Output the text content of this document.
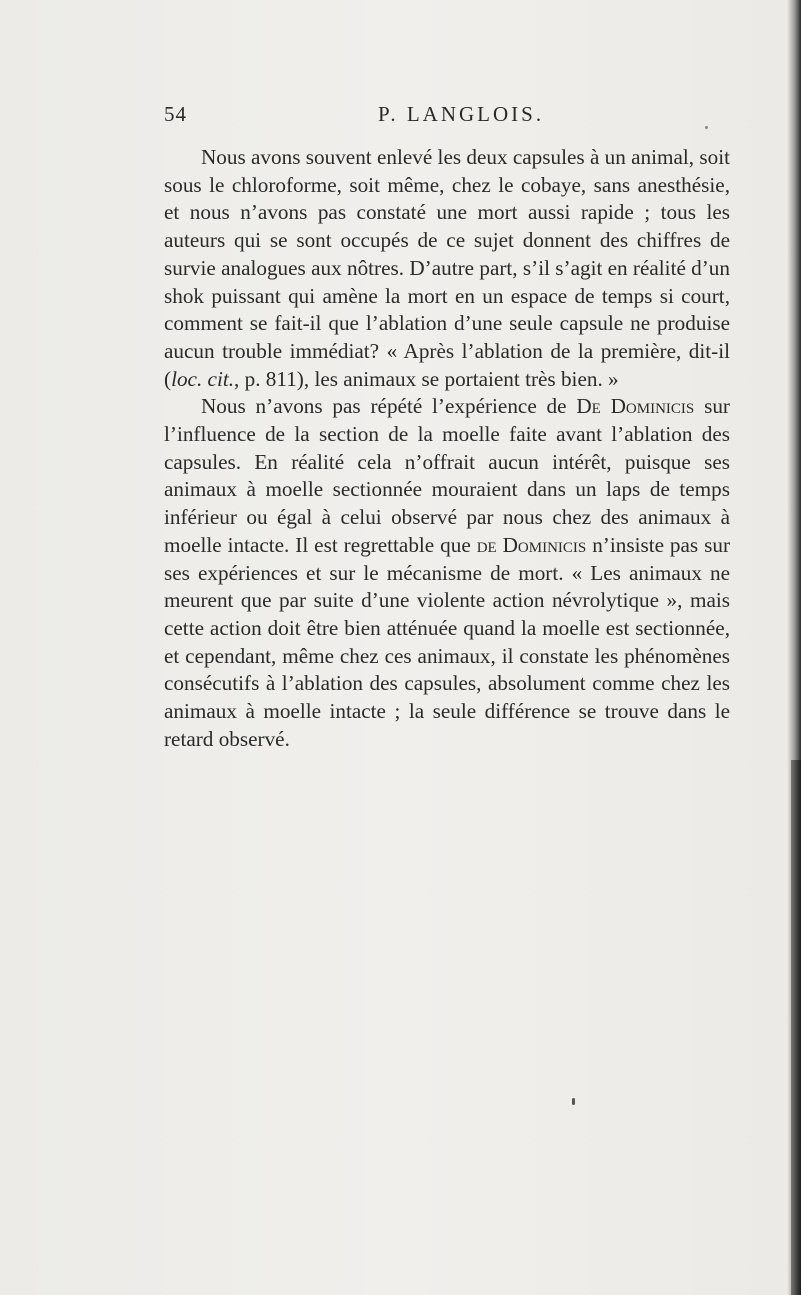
54	P. LANGLOIS.

Nous avons souvent enlevé les deux capsules à un animal, soit sous le chloroforme, soit même, chez le cobaye, sans anesthésie, et nous n’avons pas constaté une mort aussi rapide ; tous les auteurs qui se sont occupés de ce sujet donnent des chiffres de survie analogues aux nôtres. D’autre part, s’il s’agit en réalité d’un shok puissant qui amène la mort en un espace de temps si court, comment se fait-il que l’ablation d’une seule capsule ne produise aucun trouble immédiat? « Après l’ablation de la première, dit-il (loc. cit., p. 811), les animaux se portaient très bien. »

Nous n’avons pas répété l’expérience de De Dominicis sur l’influence de la section de la moelle faite avant l’ablation des capsules. En réalité cela n’offrait aucun intérêt, puisque ses animaux à moelle sectionnée mouraient dans un laps de temps inférieur ou égal à celui observé par nous chez des animaux à moelle intacte. Il est regrettable que de Dominicis n’insiste pas sur ses expériences et sur le mécanisme de mort. « Les animaux ne meurent que par suite d’une violente action névrolytique », mais cette action doit être bien atténuée quand la moelle est sectionnée, et cependant, même chez ces animaux, il constate les phénomènes consécutifs à l’ablation des capsules, absolument comme chez les animaux à moelle intacte ; la seule différence se trouve dans le retard observé.
